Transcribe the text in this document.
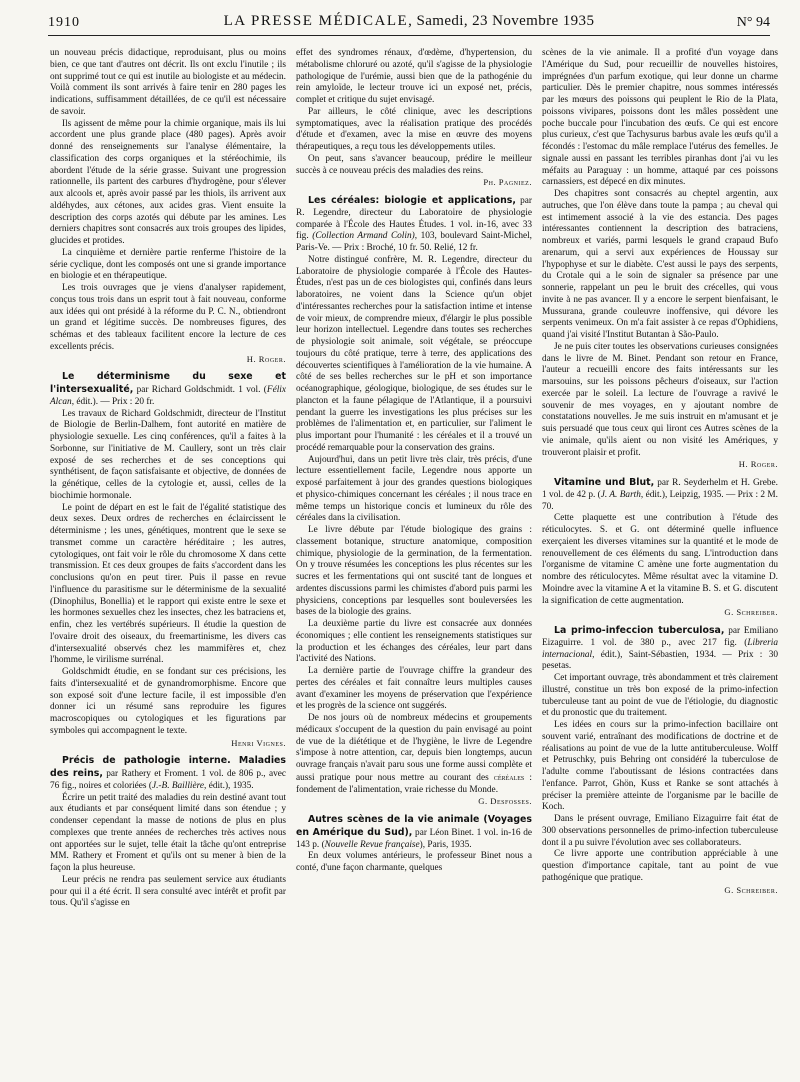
1910	LA PRESSE MÉDICALE, Samedi, 23 Novembre 1935	N° 94

un nouveau précis didactique, reproduisant, plus ou moins bien, ce que tant d'autres ont décrit. Ils ont exclu l'inutile ; ils ont supprimé tout ce qui est inutile au biologiste et au médecin. Voilà comment ils sont arrivés à faire tenir en 280 pages les indications, suffisamment détaillées, de ce qu'il est nécessaire de savoir.

Ils agissent de même pour la chimie organique, mais ils lui accordent une plus grande place (480 pages). Après avoir donné des renseignements sur l'analyse élémentaire, la classification des corps organiques et la stéréochimie, ils abordent l'étude de la série grasse. Suivant une progression rationnelle, ils partent des carbures d'hydrogène, pour s'élever aux alcools et, après avoir passé par les thiols, ils arrivent aux aldéhydes, aux cétones, aux acides gras. Vient ensuite la description des corps azotés qui débute par les amines. Les derniers chapitres sont consacrés aux trois groupes des lipides, glucides et protides.

La cinquième et dernière partie renferme l'histoire de la série cyclique, dont les composés ont une si grande importance en biologie et en thérapeutique.

Les trois ouvrages que je viens d'analyser rapidement, conçus tous trois dans un esprit tout à fait nouveau, conforme aux idées qui ont présidé à la réforme du P. C. N., obtiendront un grand et légitime succès. De nombreuses figures, des schémas et des tableaux facilitent encore la lecture de ces excellents précis.

H. Roger.

Le déterminisme du sexe et l'intersexualité, par Richard Goldschmidt. 1 vol. (Félix Alcan, édit.). — Prix : 20 fr.

Les travaux de Richard Goldschmidt, directeur de l'Institut de Biologie de Berlin-Dalhem, font autorité en matière de physiologie sexuelle. Les cinq conférences, qu'il a faites à la Sorbonne, sur l'initiative de M. Caullery, sont un très clair exposé de ses recherches et de ses conceptions qui synthétisent, de façon satisfaisante et objective, de données de la génétique, celles de la cytologie et, aussi, celles de la biochimie hormonale.

Le point de départ en est le fait de l'égalité statistique des deux sexes. Deux ordres de recherches en éclaircissent le déterminisme ; les unes, génétiques, montrent que le sexe se transmet comme un caractère héréditaire ; les autres, cytologiques, ont fait voir le rôle du chromosome X dans cette transmission. Et ces deux groupes de faits s'accordent dans les conclusions qu'on en peut tirer. Puis il passe en revue l'influence du parasitisme sur le déterminisme de la sexualité (Dinophilus, Bonellia) et le rapport qui existe entre le sexe et les hormones sexuelles chez les insectes, chez les batraciens et, enfin, chez les vertébrés supérieurs. Il étudie la question de l'ovaire droit des oiseaux, du freemartinisme, les divers cas d'intersexualité observés chez les mammifères et, chez l'homme, le virilisme surrénal.

Goldschmidt étudie, en se fondant sur ces précisions, les faits d'intersexualité et de gynandromorphisme. Encore que son exposé soit d'une lecture facile, il est impossible d'en donner ici un résumé sans reproduire les figures macroscopiques ou cytologiques et les figurations par symboles qui accompagnent le texte.

Henri Vignes.

Précis de pathologie interne. Maladies des reins, par Rathery et Froment. 1 vol. de 806 p., avec 76 fig., noires et coloriées (J.-B. Baillière, édit.), 1935.

Écrire un petit traité des maladies du rein destiné avant tout aux étudiants et par conséquent limité dans son étendue ; y condenser cependant la masse de notions de plus en plus complexes que trente années de recherches très actives nous ont apportées sur le sujet, telle était la tâche qu'ont entreprise MM. Rathery et Froment et qu'ils ont su mener à bien de la façon la plus heureuse.

Leur précis ne rendra pas seulement service aux étudiants pour qui il a été écrit. Il sera consulté avec intérêt et profit par tous. Qu'il s'agisse en

effet des syndromes rénaux, d'œdème, d'hypertension, du métabolisme chloruré ou azoté, qu'il s'agisse de la physiologie pathologique de l'urémie, aussi bien que de la pathogénie du rein amyloïde, le lecteur trouve ici un exposé net, précis, complet et critique du sujet envisagé.

Par ailleurs, le côté clinique, avec les descriptions symptomatiques, avec la réalisation pratique des procédés d'étude et d'examen, avec la mise en œuvre des moyens thérapeutiques, a reçu tous les développements utiles.

On peut, sans s'avancer beaucoup, prédire le meilleur succès à ce nouveau précis des maladies des reins.

Ph. Pagniez.

Les céréales: biologie et applications, par R. Legendre, directeur du Laboratoire de physiologie comparée à l'École des Hautes Études. 1 vol. in-16, avec 33 fig. (Collection Armand Colin), 103, boulevard Saint-Michel, Paris-Ve. — Prix : Broché, 10 fr. 50. Relié, 12 fr.

Notre distingué confrère, M. R. Legendre, directeur du Laboratoire de physiologie comparée à l'École des Hautes-Études, n'est pas un de ces biologistes qui, confinés dans leurs laboratoires, ne voient dans la Science qu'un objet d'intéressantes recherches pour la satisfaction intime et intense de voir mieux, de comprendre mieux, d'élargir le plus possible leur horizon intellectuel. Legendre dans toutes ses recherches de physiologie soit animale, soit végétale, se préoccupe toujours du côté pratique, terre à terre, des applications des découvertes scientifiques à l'amélioration de la vie humaine. A côté de ses belles recherches sur le pH et son importance océanographique, géologique, biologique, de ses études sur le plancton et la faune pélagique de l'Atlantique, il a poursuivi pendant la guerre les investigations les plus précises sur les problèmes de l'alimentation et, en particulier, sur l'aliment le plus important pour l'humanité : les céréales et il a trouvé un procédé remarquable pour la conservation des grains.

Aujourd'hui, dans un petit livre très clair, très précis, d'une lecture essentiellement facile, Legendre nous apporte un exposé parfaitement à jour des grandes questions biologiques et physico-chimiques concernant les céréales ; il nous trace en même temps un historique concis et lumineux du rôle des céréales dans la civilisation.

Le livre débute par l'étude biologique des grains : classement botanique, structure anatomique, composition chimique, physiologie de la germination, de la fermentation. On y trouve résumées les conceptions les plus récentes sur les sucres et les fermentations qui ont suscité tant de longues et ardentes discussions parmi les chimistes d'abord puis parmi les physiciens, conceptions par lesquelles sont bouleversées les bases de la biologie des grains.

La deuxième partie du livre est consacrée aux données économiques ; elle contient les renseignements statistiques sur la production et les échanges des céréales, leur part dans l'activité des Nations.

La dernière partie de l'ouvrage chiffre la grandeur des pertes des céréales et fait connaître leurs multiples causes avant d'examiner les moyens de préservation que l'expérience et les progrès de la science ont suggérés.

De nos jours où de nombreux médecins et groupements médicaux s'occupent de la question du pain envisagé au point de vue de la diététique et de l'hygiène, le livre de Legendre s'impose à notre attention, car, depuis bien longtemps, aucun ouvrage français n'avait paru sous une forme aussi complète et aussi pratique pour nous mettre au courant des céréales : fondement de l'alimentation, vraie richesse du Monde.

G. Desfosses.

Autres scènes de la vie animale (Voyages en Amérique du Sud), par Léon Binet. 1 vol. in-16 de 143 p. (Nouvelle Revue française), Paris, 1935.

En deux volumes antérieurs, le professeur Binet nous a conté, d'une façon charmante, quelques

scènes de la vie animale. Il a profité d'un voyage dans l'Amérique du Sud, pour recueillir de nouvelles histoires, imprégnées d'un parfum exotique, qui leur donne un charme particulier. Dès le premier chapitre, nous sommes intéressés par les mœurs des poissons qui peuplent le Rio de la Plata, poissons vivipares, poissons dont les mâles possèdent une poche buccale pour l'incubation des œufs. Ce qui est encore plus curieux, c'est que Tachysurus barbus avale les œufs qu'il a fécondés : l'estomac du mâle remplace l'utérus des femelles. Je signale aussi en passant les terribles piranhas dont j'ai vu les méfaits au Paraguay : un homme, attaqué par ces poissons carnassiers, est dépecé en dix minutes.

Des chapitres sont consacrés au cheptel argentin, aux autruches, que l'on élève dans toute la pampa ; au cheval qui est intimement associé à la vie des estancia. Des pages intéressantes contiennent la description des batraciens, nombreux et variés, parmi lesquels le grand crapaud Bufo arenarum, qui a servi aux expériences de Houssay sur l'hypophyse et sur le diabète. C'est aussi le pays des serpents, du Crotale qui a le soin de signaler sa présence par une sonnerie, rappelant un peu le bruit des crécelles, qui vous invite à ne pas avancer. Il y a encore le serpent bienfaisant, le Mussurana, grande couleuvre inoffensive, qui dévore les serpents venimeux. On m'a fait assister à ce repas d'Ophidiens, quand j'ai visité l'Institut Butantan à São-Paulo.

Je ne puis citer toutes les observations curieuses consignées dans le livre de M. Binet. Pendant son retour en France, l'auteur a recueilli encore des faits intéressants sur les marsouins, sur les poissons pêcheurs d'oiseaux, sur l'action exercée par le soleil. La lecture de l'ouvrage a ravivé le souvenir de mes voyages, en y ajoutant nombre de constatations nouvelles. Je me suis instruit en m'amusant et je suis persuadé que tous ceux qui liront ces Autres scènes de la vie animale, qu'ils aient ou non visité les Amériques, y trouveront plaisir et profit.

H. Roger.

Vitamine und Blut, par R. Seyderhelm et H. Grebe. 1 vol. de 42 p. (J. A. Barth, édit.), Leipzig, 1935. — Prix : 2 M. 70.

Cette plaquette est une contribution à l'étude des réticulocytes. S. et G. ont déterminé quelle influence exerçaient les diverses vitamines sur la quantité et le mode de renouvellement de ces éléments du sang. L'introduction dans l'organisme de vitamine C amène une forte augmentation du nombre des réticulocytes. Même résultat avec la vitamine D. Moindre avec la vitamine A et la vitamine B. S. et G. discutent la signification de cette augmentation.

G. Schreiber.

La primo-infeccion tuberculosa, par Emiliano Eizaguirre. 1 vol. de 380 p., avec 217 fig. (Libreria internacional, édit.), Saint-Sébastien, 1934. — Prix : 30 pesetas.

Cet important ouvrage, très abondamment et très clairement illustré, constitue un très bon exposé de la primo-infection tuberculeuse tant au point de vue de l'étiologie, du diagnostic et du pronostic que du traitement.

Les idées en cours sur la primo-infection bacillaire ont souvent varié, entraînant des modifications de doctrine et de réalisations au point de vue de la lutte antituberculeuse. Wolff et Petruschky, puis Behring ont considéré la tuberculose de l'adulte comme l'aboutissant de lésions contractées dans l'enfance. Parrot, Ghön, Kuss et Ranke se sont attachés à préciser la première atteinte de l'organisme par le bacille de Koch.

Dans le présent ouvrage, Emiliano Eizaguirre fait état de 300 observations personnelles de primo-infection tuberculeuse dont il a pu suivre l'évolution avec ses collaborateurs.

Ce livre apporte une contribution appréciable à une question d'importance capitale, tant au point de vue pathogénique que pratique.

G. Schreiber.
